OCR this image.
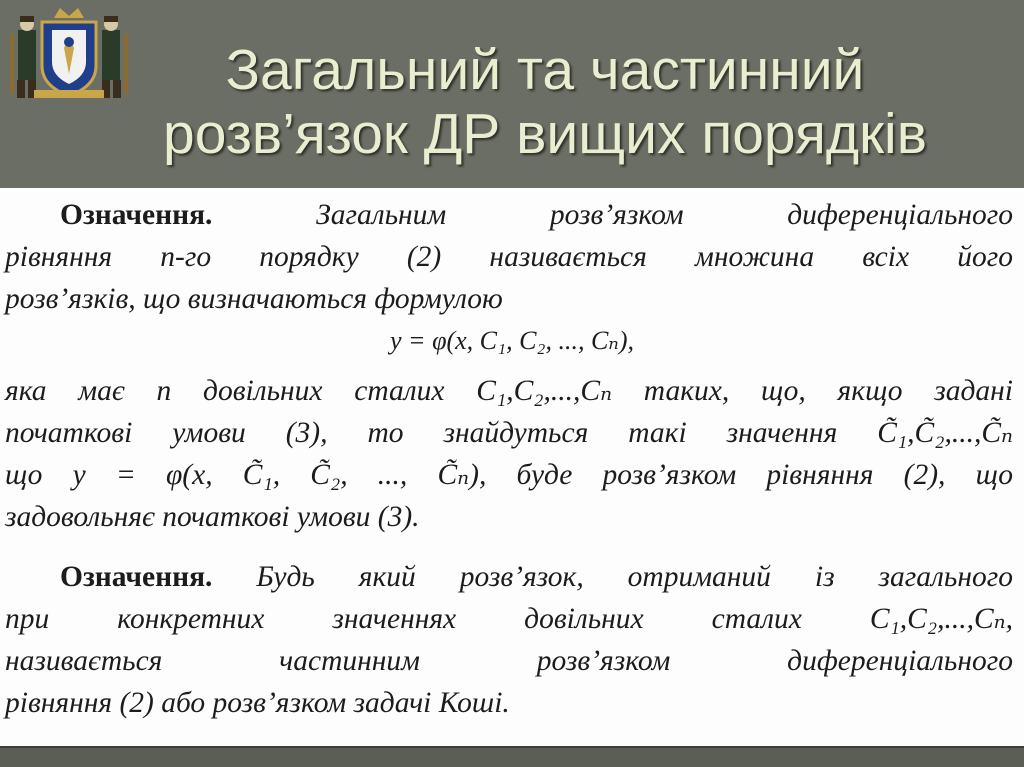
Загальний та частинний
розв’язок ДР вищих порядків
Означення.	Загальним розв’язком диференціального
рівняння n-го порядку (2) називається множина всіх його
розв’язків, що визначаються формулою
y = φ(x, C₁, C₂, ..., Cₙ),
яка має n довільних сталих C₁,C₂,...,Cₙ таких, що, якщо задані
початкові умови (3), то знайдуться такі значення C̃₁,C̃₂,...,C̃ₙ
що y = φ(x, C̃₁, C̃₂, ..., C̃ₙ), буде розв’язком рівняння (2), що
задовольняє початкові умови (3).
Означення. Будь який розв’язок, отриманий із загального
при конкретних значеннях довільних сталих C₁,C₂,...,Cₙ,
називається частинним розв’язком диференціального
рівняння (2) або розв’язком задачі Коші.
